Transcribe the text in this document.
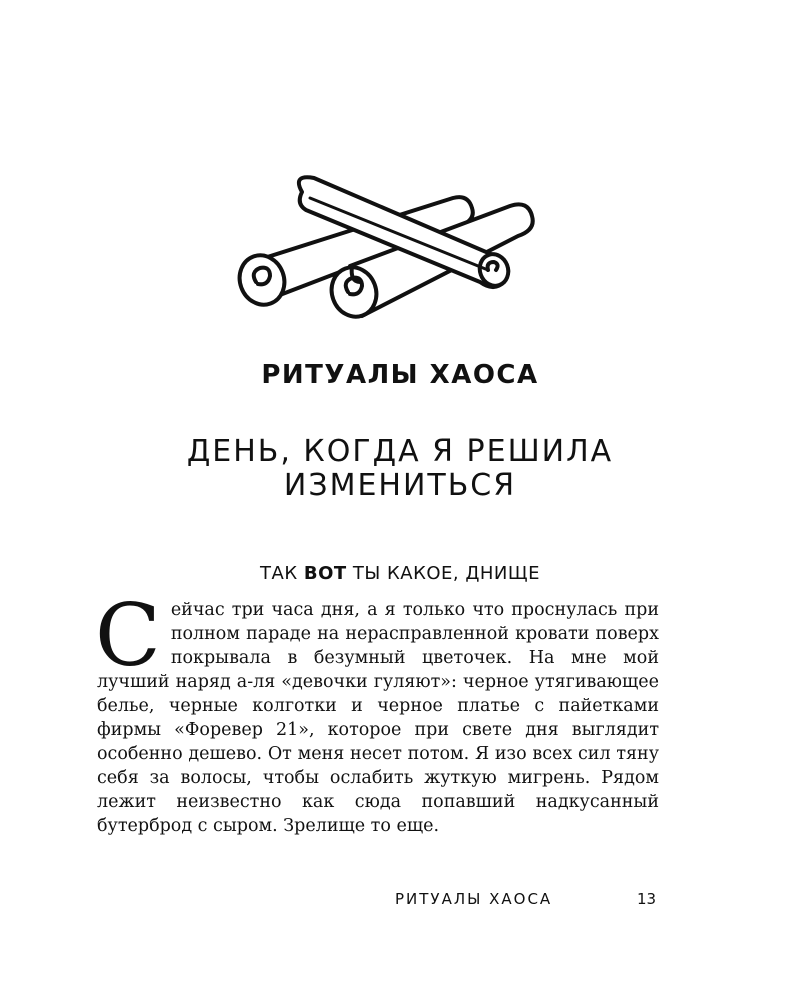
РИТУАЛЫ ХАОСА
ДЕНЬ, КОГДА Я РЕШИЛА
ИЗМЕНИТЬСЯ
ТАК ВОТ ТЫ КАКОЕ, ДНИЩЕ

Сейчас три часа дня, а я только что проснулась при полном параде на нерасправленной кровати поверх покрывала в безумный цветочек. На мне мой лучший наряд а-ля «девочки гуляют»: черное утягивающее белье, черные колготки и черное платье с пайетками фирмы «Форевер 21», которое при свете дня выглядит особенно дешево. От меня несет потом. Я изо всех сил тяну себя за волосы, чтобы ослабить жуткую мигрень. Рядом лежит неизвестно как сюда попавший надкусанный бутерброд с сыром. Зрелище то еще.

РИТУАЛЫ ХАОСА	13
